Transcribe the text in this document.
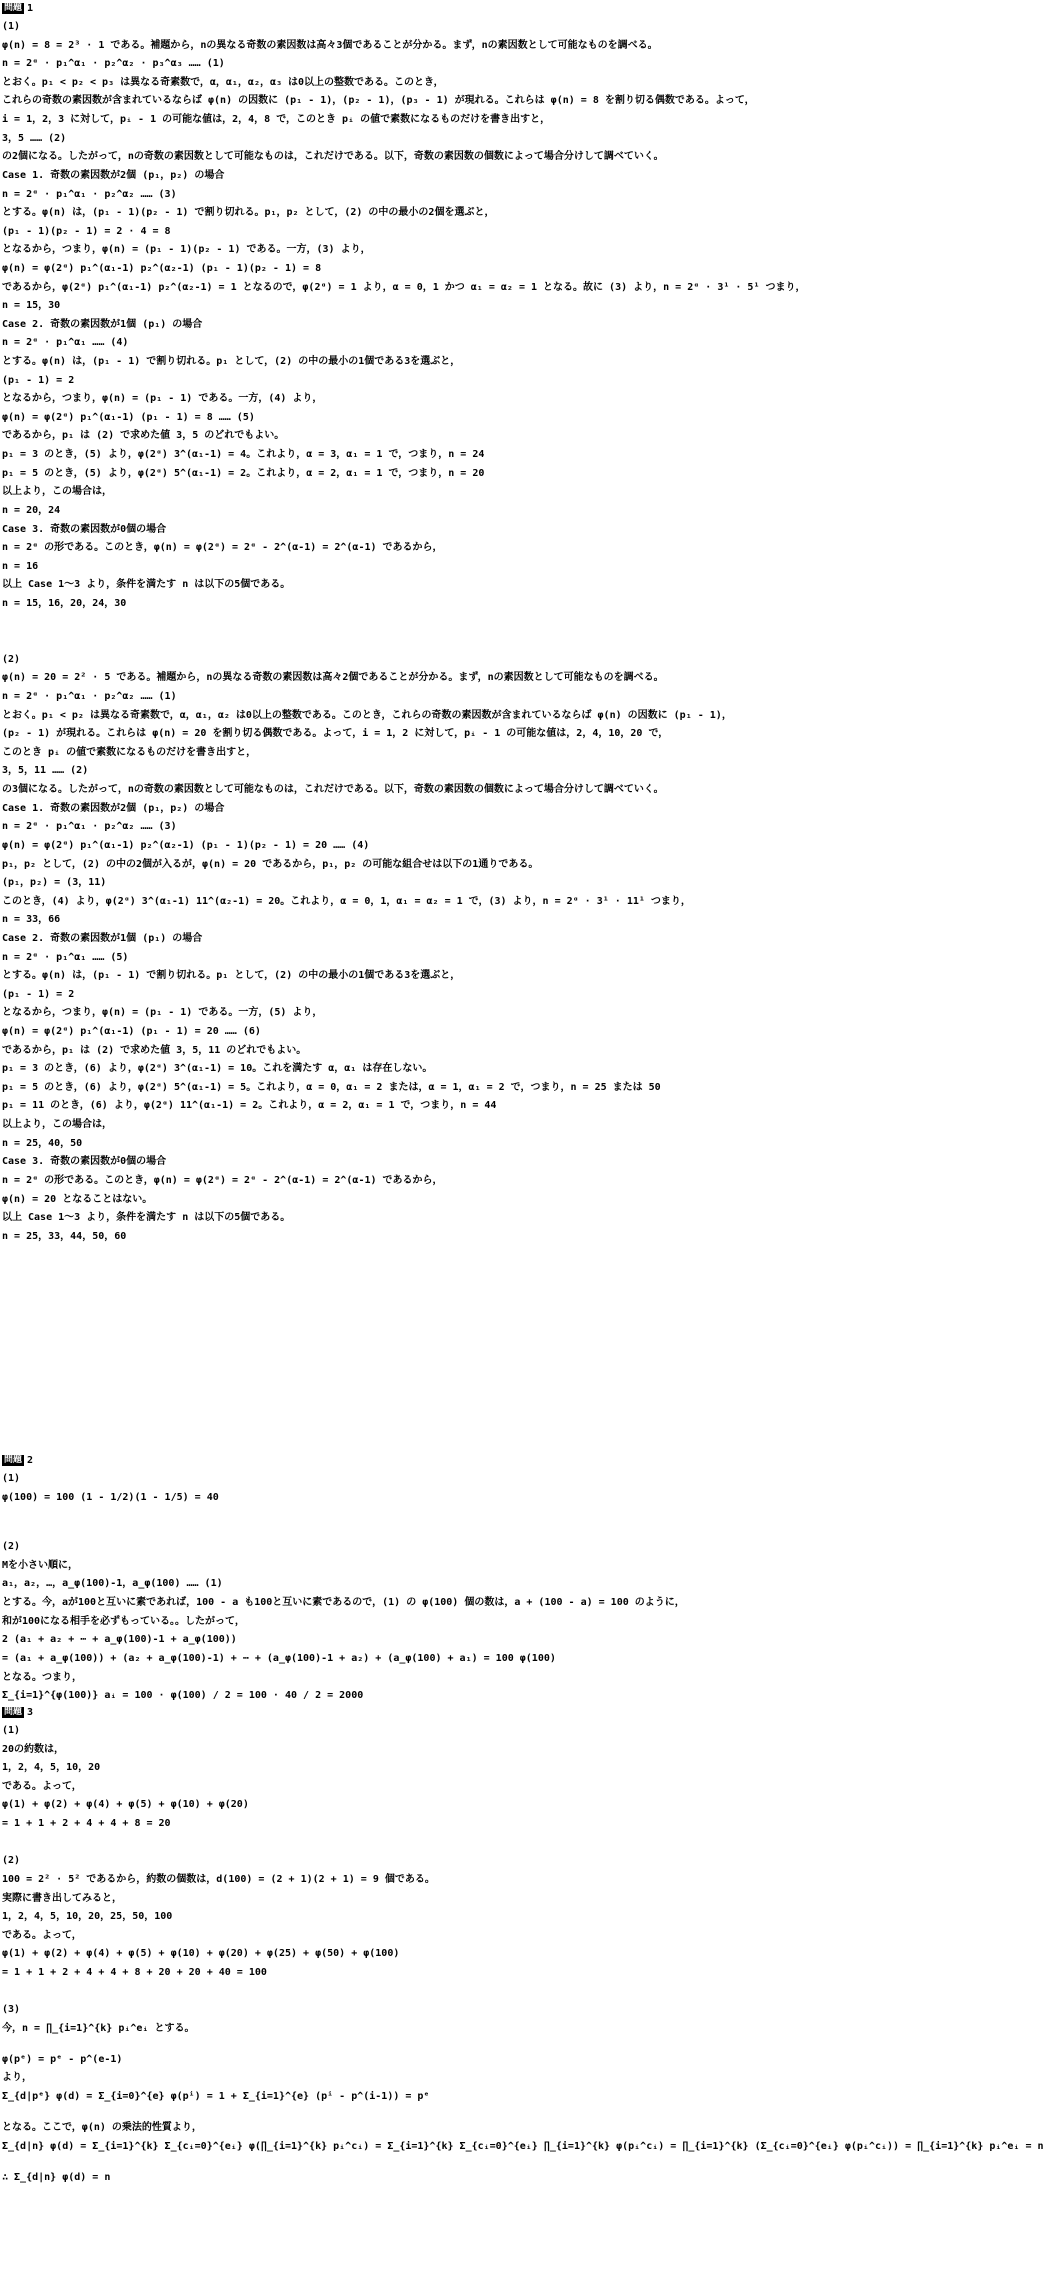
問題 1
(1)
φ(n) = 8 = 2³ · 1 である。補題から，nの異なる奇数の素因数は高々3個であることが分かる。まず，nの素因数として可能なものを調べる。
n = 2ᵅ · p₁^α₁ · p₂^α₂ · p₃^α₃ …… (1)
とおく。p₁ < p₂ < p₃ は異なる奇素数で，α，α₁，α₂，α₃ は0以上の整数である。このとき，
これらの奇数の素因数が含まれているならば φ(n) の因数に (p₁ - 1)，(p₂ - 1)，(p₃ - 1) が現れる。これらは φ(n) = 8 を割り切る偶数である。よって，
i = 1，2，3 に対して，pᵢ - 1 の可能な値は，2，4，8 で，このとき pᵢ の値で素数になるものだけを書き出すと，
3，5 …… (2)
の2個になる。したがって，nの奇数の素因数として可能なものは，これだけである。以下，奇数の素因数の個数によって場合分けして調べていく。
Case 1. 奇数の素因数が2個 (p₁，p₂) の場合
n = 2ᵅ · p₁^α₁ · p₂^α₂ …… (3)
とする。φ(n) は，(p₁ - 1)(p₂ - 1) で割り切れる。p₁，p₂ として，(2) の中の最小の2個を選ぶと，
(p₁ - 1)(p₂ - 1) = 2 · 4 = 8
となるから，つまり，φ(n) = (p₁ - 1)(p₂ - 1) である。一方，(3) より，
φ(n) = φ(2ᵅ) p₁^(α₁-1) p₂^(α₂-1) (p₁ - 1)(p₂ - 1) = 8
であるから，φ(2ᵅ) p₁^(α₁-1) p₂^(α₂-1) = 1 となるので，φ(2ᵅ) = 1 より，α = 0，1 かつ α₁ = α₂ = 1 となる。故に (3) より，n = 2ᵅ · 3¹ · 5¹ つまり，
n = 15，30
Case 2. 奇数の素因数が1個 (p₁) の場合
n = 2ᵅ · p₁^α₁ …… (4)
とする。φ(n) は，(p₁ - 1) で割り切れる。p₁ として，(2) の中の最小の1個である3を選ぶと，
(p₁ - 1) = 2
となるから，つまり，φ(n) = (p₁ - 1) である。一方，(4) より，
φ(n) = φ(2ᵅ) p₁^(α₁-1) (p₁ - 1) = 8 …… (5)
であるから，p₁ は (2) で求めた値 3，5 のどれでもよい。
p₁ = 3 のとき，(5) より，φ(2ᵅ) 3^(α₁-1) = 4。これより，α = 3，α₁ = 1 で，つまり，n = 24
p₁ = 5 のとき，(5) より，φ(2ᵅ) 5^(α₁-1) = 2。これより，α = 2，α₁ = 1 で，つまり，n = 20
以上より，この場合は，
n = 20，24
Case 3. 奇数の素因数が0個の場合
n = 2ᵅ の形である。このとき，φ(n) = φ(2ᵅ) = 2ᵅ - 2^(α-1) = 2^(α-1) であるから，
n = 16
以上 Case 1～3 より，条件を満たす n は以下の5個である。
n = 15，16，20，24，30
(2)
φ(n) = 20 = 2² · 5 である。補題から，nの異なる奇数の素因数は高々2個であることが分かる。まず，nの素因数として可能なものを調べる。
n = 2ᵅ · p₁^α₁ · p₂^α₂ …… (1)
とおく。p₁ < p₂ は異なる奇素数で，α，α₁，α₂ は0以上の整数である。このとき，これらの奇数の素因数が含まれているならば φ(n) の因数に (p₁ - 1)，
(p₂ - 1) が現れる。これらは φ(n) = 20 を割り切る偶数である。よって，i = 1，2 に対して，pᵢ - 1 の可能な値は，2，4，10，20 で，
このとき pᵢ の値で素数になるものだけを書き出すと，
3，5，11 …… (2)
の3個になる。したがって，nの奇数の素因数として可能なものは，これだけである。以下，奇数の素因数の個数によって場合分けして調べていく。
Case 1. 奇数の素因数が2個 (p₁，p₂) の場合
n = 2ᵅ · p₁^α₁ · p₂^α₂ …… (3)
φ(n) = φ(2ᵅ) p₁^(α₁-1) p₂^(α₂-1) (p₁ - 1)(p₂ - 1) = 20 …… (4)
p₁，p₂ として，(2) の中の2個が入るが，φ(n) = 20 であるから，p₁，p₂ の可能な組合せは以下の1通りである。
(p₁，p₂) = (3，11)
このとき，(4) より，φ(2ᵅ) 3^(α₁-1) 11^(α₂-1) = 20。これより，α = 0，1，α₁ = α₂ = 1 で，(3) より，n = 2ᵅ · 3¹ · 11¹ つまり，
n = 33，66
Case 2. 奇数の素因数が1個 (p₁) の場合
n = 2ᵅ · p₁^α₁ …… (5)
とする。φ(n) は，(p₁ - 1) で割り切れる。p₁ として，(2) の中の最小の1個である3を選ぶと，
(p₁ - 1) = 2
となるから，つまり，φ(n) = (p₁ - 1) である。一方，(5) より，
φ(n) = φ(2ᵅ) p₁^(α₁-1) (p₁ - 1) = 20 …… (6)
であるから，p₁ は (2) で求めた値 3，5，11 のどれでもよい。
p₁ = 3 のとき，(6) より，φ(2ᵅ) 3^(α₁-1) = 10。これを満たす α，α₁ は存在しない。
p₁ = 5 のとき，(6) より，φ(2ᵅ) 5^(α₁-1) = 5。これより，α = 0，α₁ = 2 または，α = 1，α₁ = 2 で，つまり，n = 25 または 50
p₁ = 11 のとき，(6) より，φ(2ᵅ) 11^(α₁-1) = 2。これより，α = 2，α₁ = 1 で，つまり，n = 44
以上より，この場合は，
n = 25，40，50
Case 3. 奇数の素因数が0個の場合
n = 2ᵅ の形である。このとき，φ(n) = φ(2ᵅ) = 2ᵅ - 2^(α-1) = 2^(α-1) であるから，
φ(n) = 20 となることはない。
以上 Case 1～3 より，条件を満たす n は以下の5個である。
n = 25，33，44，50，60
問題 2
(1)
φ(100) = 100 (1 - 1/2)(1 - 1/5) = 40
(2)
Mを小さい順に，
a₁，a₂，…，a_φ(100)-1，a_φ(100) …… (1)
とする。今，aが100と互いに素であれば，100 - a も100と互いに素であるので，(1) の φ(100) 個の数は，a + (100 - a) = 100 のように，
和が100になる相手を必ずもっている。。したがって，
2 (a₁ + a₂ + ⋯ + a_φ(100)-1 + a_φ(100))
= (a₁ + a_φ(100)) + (a₂ + a_φ(100)-1) + ⋯ + (a_φ(100)-1 + a₂) + (a_φ(100) + a₁) = 100 φ(100)
となる。つまり，
Σ_{i=1}^{φ(100)} aᵢ = 100 · φ(100) / 2 = 100 · 40 / 2 = 2000
問題 3
(1)
20の約数は，
1，2，4，5，10，20
である。よって，
φ(1) + φ(2) + φ(4) + φ(5) + φ(10) + φ(20)
= 1 + 1 + 2 + 4 + 4 + 8 = 20
(2)
100 = 2² · 5² であるから，約数の個数は，d(100) = (2 + 1)(2 + 1) = 9 個である。
実際に書き出してみると，
1，2，4，5，10，20，25，50，100
である。よって，
φ(1) + φ(2) + φ(4) + φ(5) + φ(10) + φ(20) + φ(25) + φ(50) + φ(100)
= 1 + 1 + 2 + 4 + 4 + 8 + 20 + 20 + 40 = 100
(3)
今，n = ∏_{i=1}^{k} pᵢ^eᵢ とする。
φ(pᵉ) = pᵉ - p^(e-1)
より，
Σ_{d|pᵉ} φ(d) = Σ_{i=0}^{e} φ(pⁱ) = 1 + Σ_{i=1}^{e} (pⁱ - p^(i-1)) = pᵉ
となる。ここで，φ(n) の乗法的性質より，
Σ_{d|n} φ(d) = Σ_{i=1}^{k} Σ_{cᵢ=0}^{eᵢ} φ(∏_{i=1}^{k} pᵢ^cᵢ) = Σ_{i=1}^{k} Σ_{cᵢ=0}^{eᵢ} ∏_{i=1}^{k} φ(pᵢ^cᵢ) = ∏_{i=1}^{k} (Σ_{cᵢ=0}^{eᵢ} φ(pᵢ^cᵢ)) = ∏_{i=1}^{k} pᵢ^eᵢ = n
∴ Σ_{d|n} φ(d) = n
